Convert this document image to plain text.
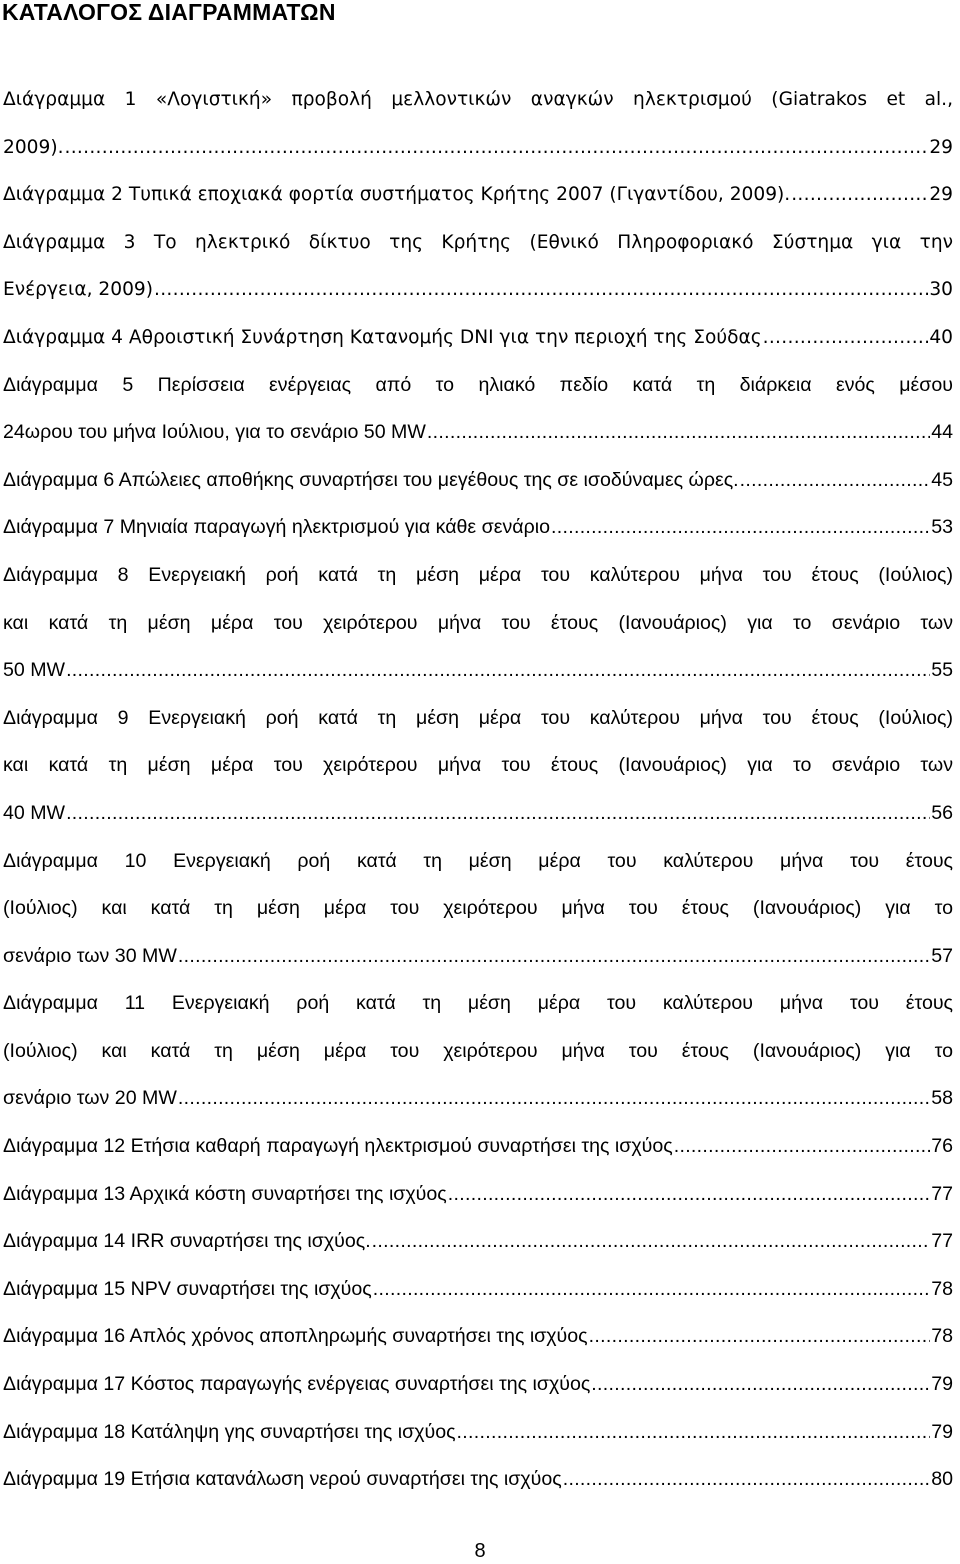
ΚΑΤΑΛΟΓΟΣ ΔΙΑΓΡΑΜΜΑΤΩΝ
Διάγραμμα 1 «Λογιστική» προβολή μελλοντικών αναγκών ηλεκτρισμού (Giatrakos et al.,
2009). .....	29
Διάγραμμα 2 Τυπικά εποχιακά φορτία συστήματος Κρήτης 2007 (Γιγαντίδου, 2009). .....	29
Διάγραμμα 3 Το ηλεκτρικό δίκτυο της Κρήτης (Εθνικό Πληροφοριακό Σύστημα για την
Ενέργεια, 2009) .....	30
Διάγραμμα 4 Αθροιστική Συνάρτηση Κατανομής DNI για την περιοχή της Σούδας .....	40
Διάγραμμα 5 Περίσσεια ενέργειας από το ηλιακό πεδίο κατά τη διάρκεια ενός μέσου
24ωρου του μήνα Ιούλιου, για το σενάριο 50 MW .....	44
Διάγραμμα 6 Απώλειες αποθήκης συναρτήσει του μεγέθους της σε ισοδύναμες ώρες. .....	45
Διάγραμμα 7 Μηνιαία παραγωγή ηλεκτρισμού για κάθε σενάριο .....	53
Διάγραμμα 8 Ενεργειακή ροή κατά τη μέση μέρα του καλύτερου μήνα του έτους (Ιούλιος)
και κατά τη μέση μέρα του χειρότερου μήνα του έτους (Ιανουάριος) για το σενάριο των
50 MW .....	55
Διάγραμμα 9 Ενεργειακή ροή κατά τη μέση μέρα του καλύτερου μήνα του έτους (Ιούλιος)
και κατά τη μέση μέρα του χειρότερου μήνα του έτους (Ιανουάριος) για το σενάριο των
40 MW .....	56
Διάγραμμα 10 Ενεργειακή ροή κατά τη μέση μέρα του καλύτερου μήνα του έτους
(Ιούλιος) και κατά τη μέση μέρα του χειρότερου μήνα του έτους (Ιανουάριος) για το
σενάριο των 30 MW .....	57
Διάγραμμα 11 Ενεργειακή ροή κατά τη μέση μέρα του καλύτερου μήνα του έτους
(Ιούλιος) και κατά τη μέση μέρα του χειρότερου μήνα του έτους (Ιανουάριος) για το
σενάριο των 20 MW .....	58
Διάγραμμα 12 Ετήσια καθαρή παραγωγή ηλεκτρισμού συναρτήσει της ισχύος .....	76
Διάγραμμα 13 Αρχικά κόστη συναρτήσει της ισχύος .....	77
Διάγραμμα 14 IRR συναρτήσει της ισχύος. .....	77
Διάγραμμα 15 NPV συναρτήσει της ισχύος .....	78
Διάγραμμα 16 Απλός χρόνος αποπληρωμής συναρτήσει της ισχύος .....	78
Διάγραμμα 17 Κόστος παραγωγής ενέργειας συναρτήσει της ισχύος .....	79
Διάγραμμα 18 Κατάληψη γης συναρτήσει της ισχύος .....	79
Διάγραμμα 19 Ετήσια κατανάλωση νερού συναρτήσει της ισχύος .....	80
8
